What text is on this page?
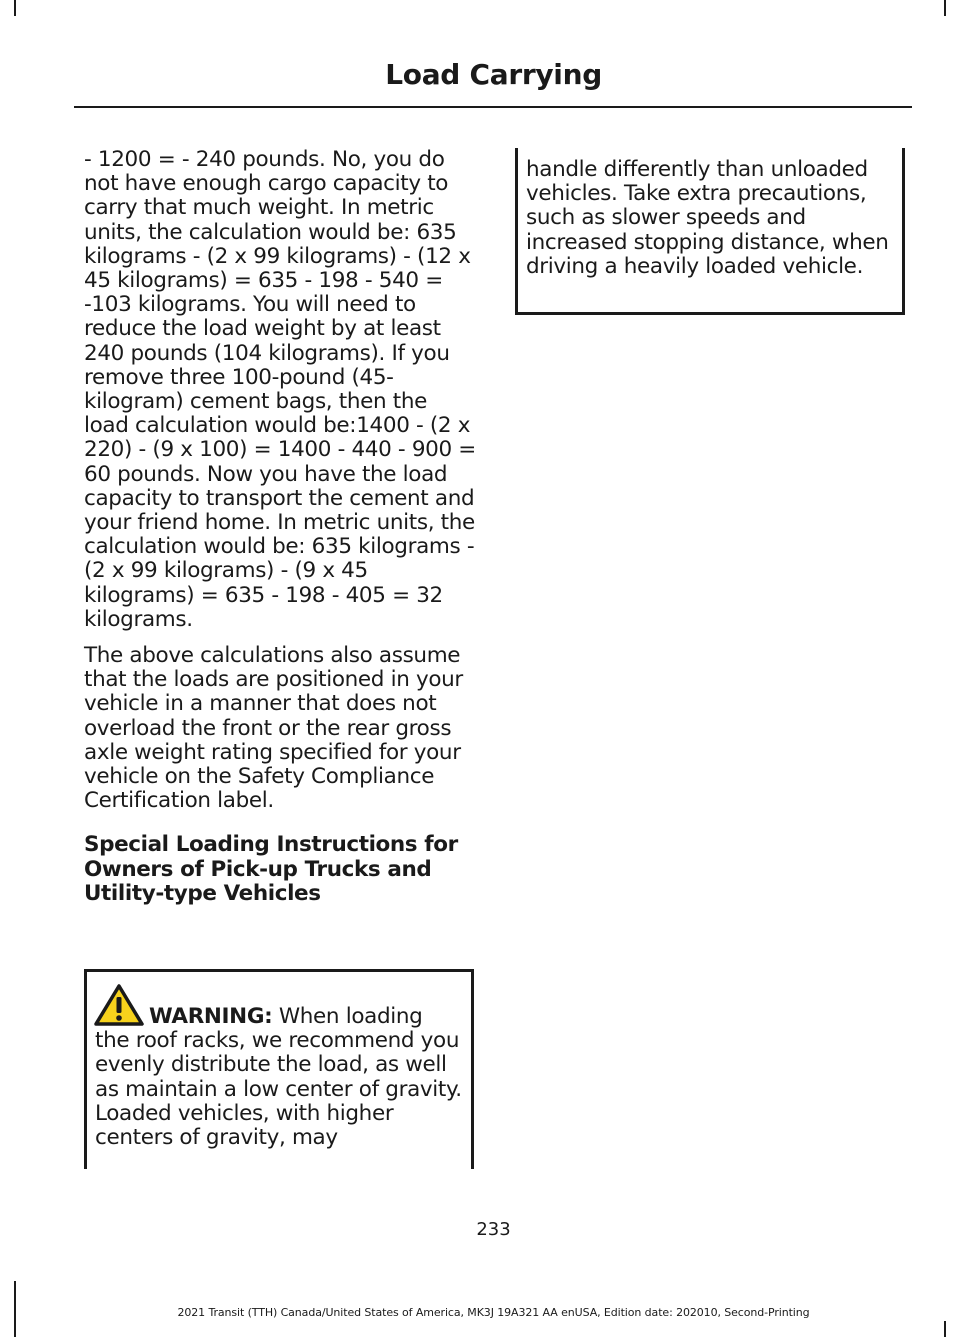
Load Carrying

- 1200 = - 240 pounds. No, you do not have enough cargo capacity to carry that much weight. In metric units, the calculation would be: 635 kilograms - (2 x 99 kilograms) - (12 x 45 kilograms) = 635 - 198 - 540 = -103 kilograms. You will need to reduce the load weight by at least 240 pounds (104 kilograms). If you remove three 100-pound (45-kilogram) cement bags, then the load calculation would be:1400 - (2 x 220) - (9 x 100) = 1400 - 440 - 900 = 60 pounds. Now you have the load capacity to transport the cement and your friend home. In metric units, the calculation would be: 635 kilograms - (2 x 99 kilograms) - (9 x 45 kilograms) = 635 - 198 - 405 = 32 kilograms.

The above calculations also assume that the loads are positioned in your vehicle in a manner that does not overload the front or the rear gross axle weight rating specified for your vehicle on the Safety Compliance Certification label.

Special Loading Instructions for Owners of Pick-up Trucks and Utility-type Vehicles
WARNING: When loading the roof racks, we recommend you evenly distribute the load, as well as maintain a low center of gravity. Loaded vehicles, with higher centers of gravity, may
handle differently than unloaded vehicles. Take extra precautions, such as slower speeds and increased stopping distance, when driving a heavily loaded vehicle.
233
2021 Transit (TTH) Canada/United States of America, MK3J 19A321 AA enUSA, Edition date: 202010, Second-Printing
